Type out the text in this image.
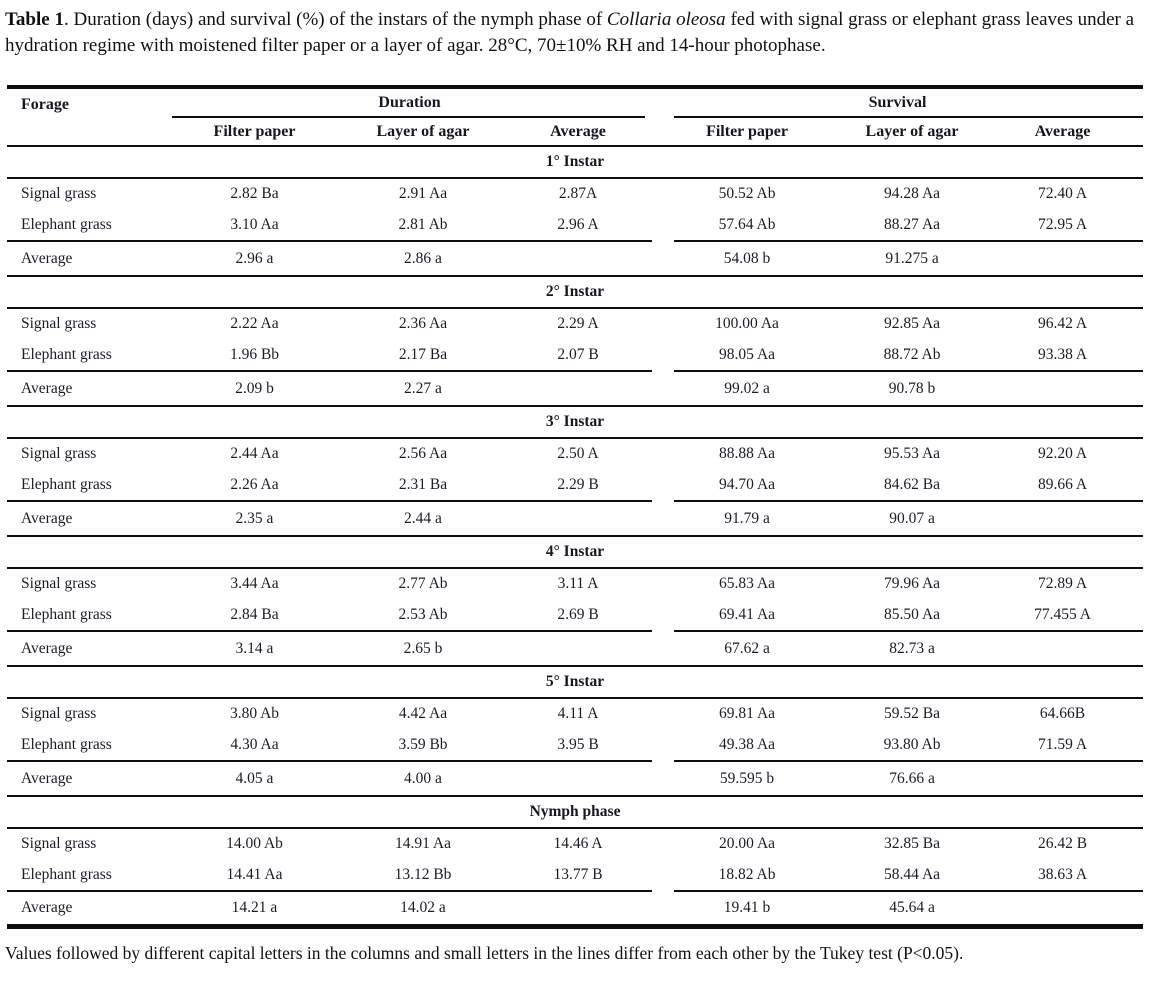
Table 1. Duration (days) and survival (%) of the instars of the nymph phase of Collaria oleosa fed with signal grass or elephant grass leaves under a hydration regime with moistened filter paper or a layer of agar. 28°C, 70±10% RH and 14-hour photophase.

Forage	Duration			Survival		

	Filter paper	Layer of agar	Average	Filter paper	Layer of agar	Average
1° Instar						
Signal grass	2.82 Ba	2.91 Aa	2.87A	50.52 Ab	94.28 Aa	72.40 A
Elephant grass	3.10 Aa	2.81 Ab	2.96 A	57.64 Ab	88.27 Aa	72.95 A

Average	2.96 a	2.86 a		54.08 b	91.275 a	
2° Instar						
Signal grass	2.22 Aa	2.36 Aa	2.29 A	100.00 Aa	92.85 Aa	96.42 A
Elephant grass	1.96 Bb	2.17 Ba	2.07 B	98.05 Aa	88.72 Ab	93.38 A

Average	2.09 b	2.27 a		99.02 a	90.78 b	
3° Instar						
Signal grass	2.44 Aa	2.56 Aa	2.50 A	88.88 Aa	95.53 Aa	92.20 A
Elephant grass	2.26 Aa	2.31 Ba	2.29 B	94.70 Aa	84.62 Ba	89.66 A

Average	2.35 a	2.44 a		91.79 a	90.07 a	
4° Instar						
Signal grass	3.44 Aa	2.77 Ab	3.11 A	65.83 Aa	79.96 Aa	72.89 A
Elephant grass	2.84 Ba	2.53 Ab	2.69 B	69.41 Aa	85.50 Aa	77.455 A

Average	3.14 a	2.65 b		67.62 a	82.73 a	
5° Instar						
Signal grass	3.80 Ab	4.42 Aa	4.11 A	69.81 Aa	59.52 Ba	64.66B
Elephant grass	4.30 Aa	3.59 Bb	3.95 B	49.38 Aa	93.80 Ab	71.59 A

Average	4.05 a	4.00 a		59.595 b	76.66 a	
Nymph phase						
Signal grass	14.00 Ab	14.91 Aa	14.46 A	20.00 Aa	32.85 Ba	26.42 B
Elephant grass	14.41 Aa	13.12 Bb	13.77 B	18.82 Ab	58.44 Aa	38.63 A

Average	14.21 a	14.02 a		19.41 b	45.64 a	

Values followed by different capital letters in the columns and small letters in the lines differ from each other by the Tukey test (P<0.05).
